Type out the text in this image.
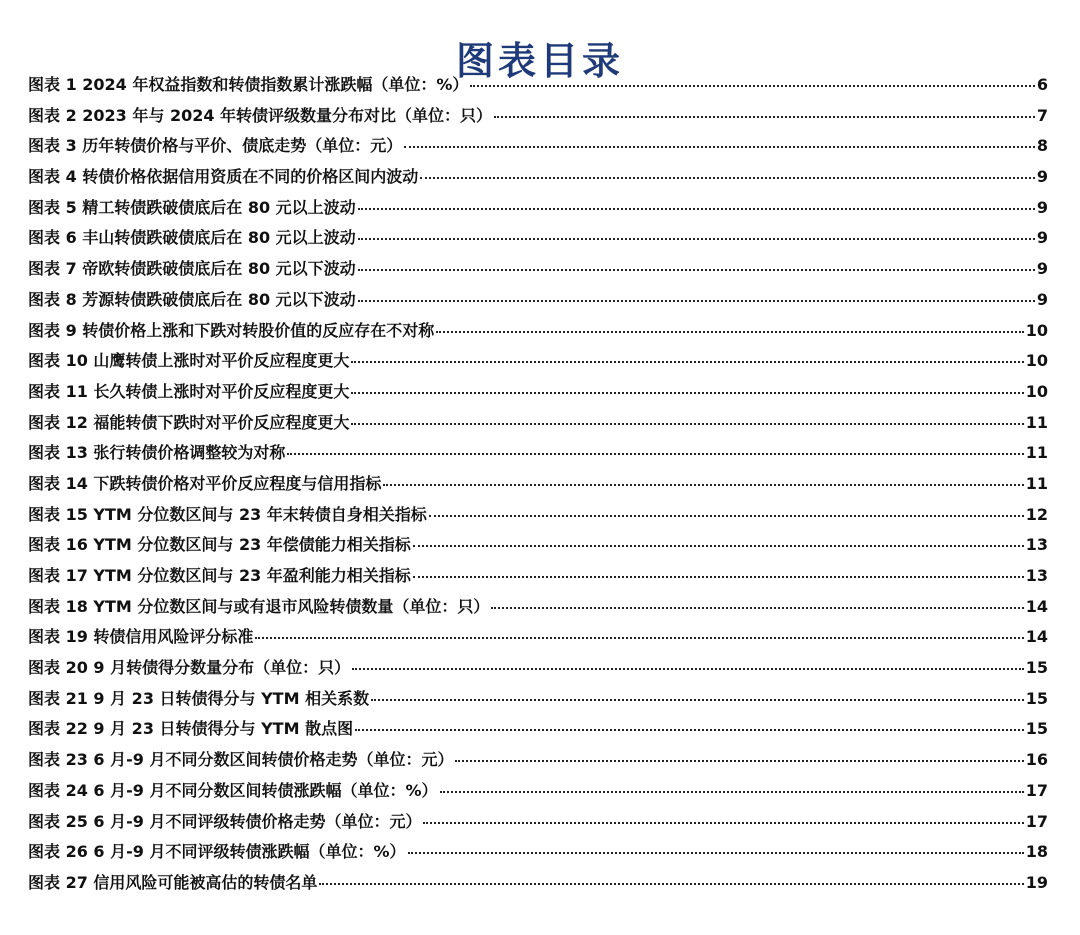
图表目录
图表 1 2024 年权益指数和转债指数累计涨跌幅（单位：%）	6
图表 2 2023 年与 2024 年转债评级数量分布对比（单位：只）	7
图表 3 历年转债价格与平价、债底走势（单位：元）	8
图表 4 转债价格依据信用资质在不同的价格区间内波动	9
图表 5 精工转债跌破债底后在 80 元以上波动	9
图表 6 丰山转债跌破债底后在 80 元以上波动	9
图表 7 帝欧转债跌破债底后在 80 元以下波动	9
图表 8 芳源转债跌破债底后在 80 元以下波动	9
图表 9 转债价格上涨和下跌对转股价值的反应存在不对称	10
图表 10 山鹰转债上涨时对平价反应程度更大	10
图表 11 长久转债上涨时对平价反应程度更大	10
图表 12 福能转债下跌时对平价反应程度更大	11
图表 13 张行转债价格调整较为对称	11
图表 14 下跌转债价格对平价反应程度与信用指标	11
图表 15 YTM 分位数区间与 23 年末转债自身相关指标	12
图表 16 YTM 分位数区间与 23 年偿债能力相关指标	13
图表 17 YTM 分位数区间与 23 年盈利能力相关指标	13
图表 18 YTM 分位数区间与或有退市风险转债数量（单位：只）	14
图表 19 转债信用风险评分标准	14
图表 20 9 月转债得分数量分布（单位：只）	15
图表 21 9 月 23 日转债得分与 YTM 相关系数	15
图表 22 9 月 23 日转债得分与 YTM 散点图	15
图表 23 6 月-9 月不同分数区间转债价格走势（单位：元）	16
图表 24 6 月-9 月不同分数区间转债涨跌幅（单位：%）	17
图表 25 6 月-9 月不同评级转债价格走势（单位：元）	17
图表 26 6 月-9 月不同评级转债涨跌幅（单位：%）	18
图表 27 信用风险可能被高估的转债名单	19
